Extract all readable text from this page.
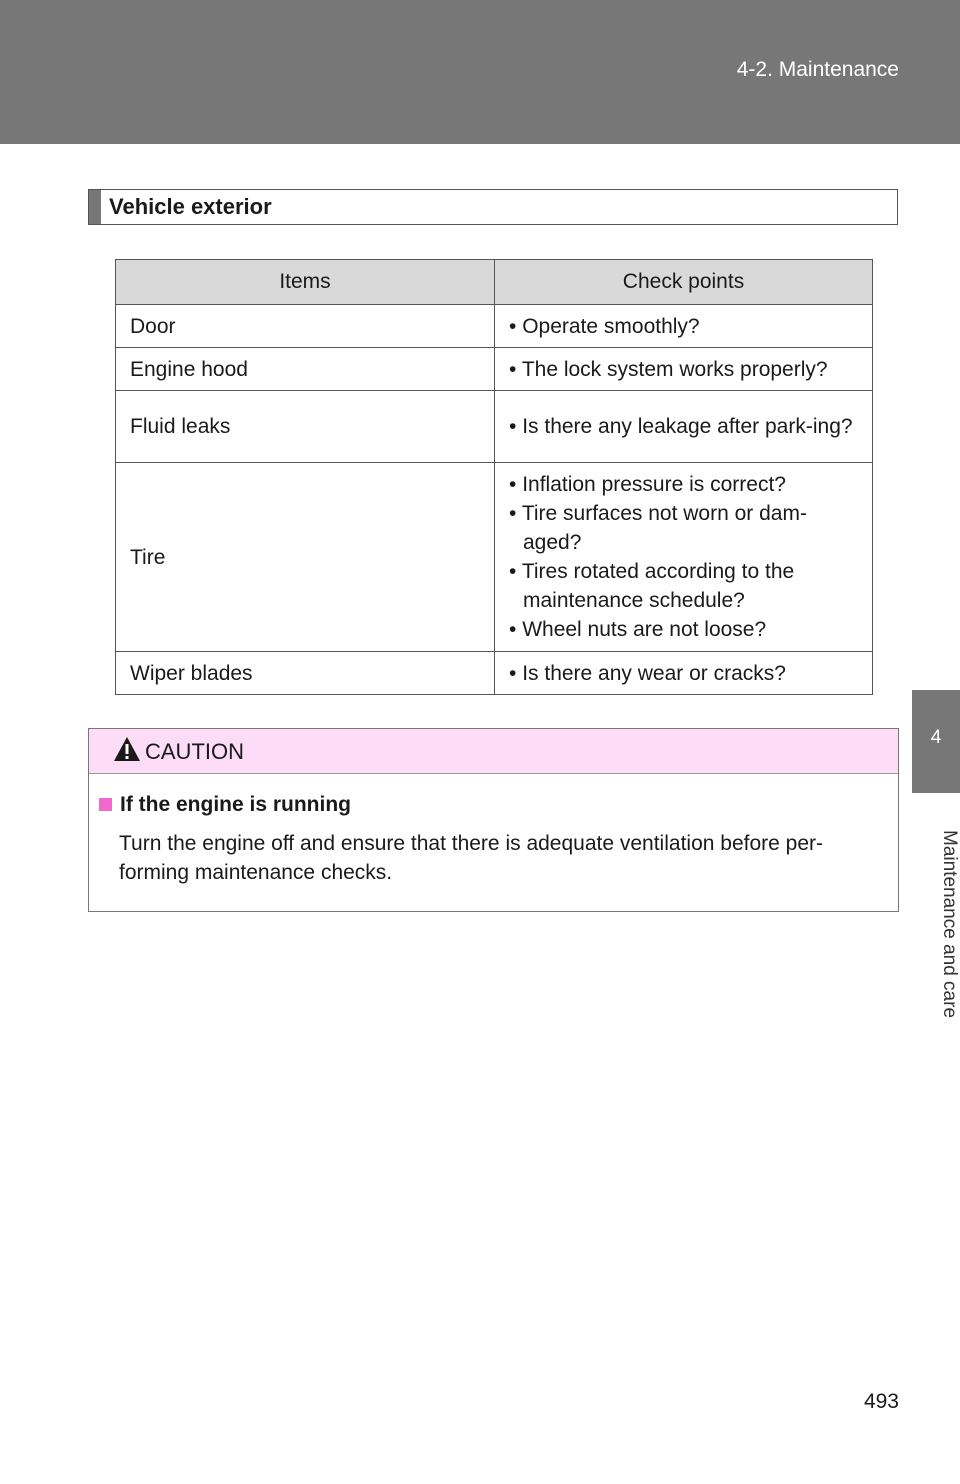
4-2. Maintenance
4
Maintenance and care
Vehicle exterior
Items	Check points
Door	• Operate smoothly?

Engine hood	• The lock system works properly?

Fluid leaks	• Is there any leakage after park-ing?

Tire	• Inflation pressure is correct?
• Tire surfaces not worn or dam-aged?
• Tires rotated according to the maintenance schedule?
• Wheel nuts are not loose?

Wiper blades	• Is there any wear or cracks?
CAUTION
If the engine is running
Turn the engine off and ensure that there is adequate ventilation before per-forming maintenance checks.
493
